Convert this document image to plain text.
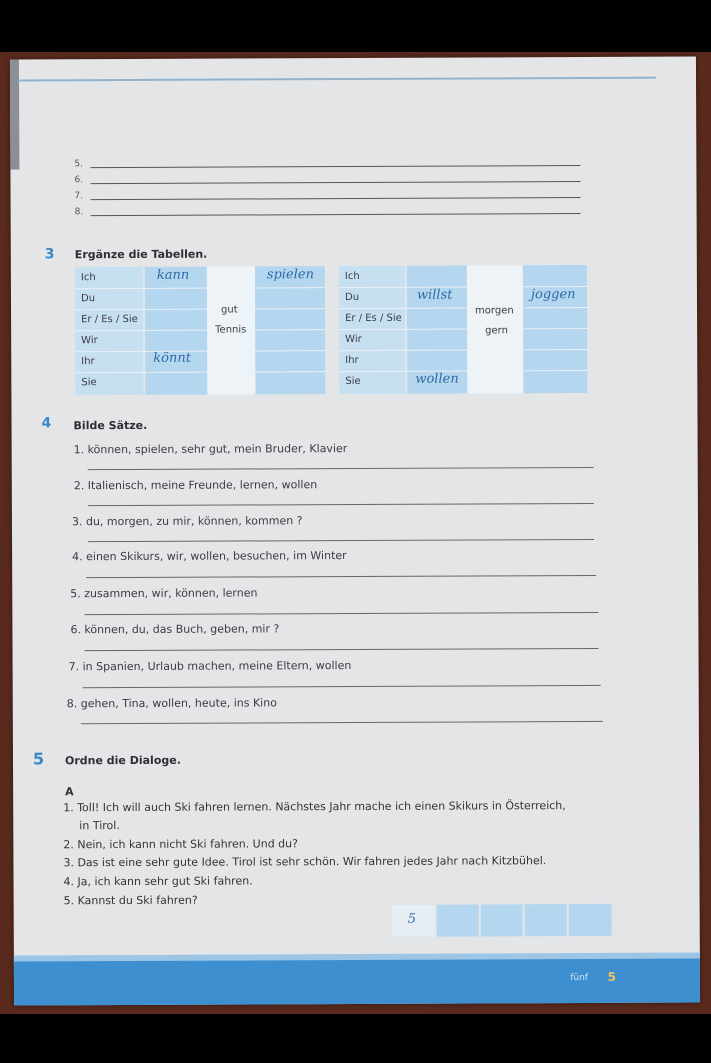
5.
6.
7.
8.
3 Ergänze die Tabellen.
Ich
Du
Er / Es / Sie
Wir
Ihr
Sie
kann
könnt
gut
Tennis
spielen	Ich
Du
Er / Es / Sie
Wir
Ihr
Sie
willst
wollen
morgen
gern
joggen
4 Bilde Sätze.
1. können, spielen, sehr gut, mein Bruder, Klavier
2. Italienisch, meine Freunde, lernen, wollen
3. du, morgen, zu mir, können, kommen ?
4. einen Skikurs, wir, wollen, besuchen, im Winter
5. zusammen, wir, können, lernen
6. können, du, das Buch, geben, mir ?
7. in Spanien, Urlaub machen, meine Eltern, wollen
8. gehen, Tina, wollen, heute, ins Kino
5 Ordne die Dialoge.
A
1. Toll! Ich will auch Ski fahren lernen. Nächstes Jahr mache ich einen Skikurs in Österreich,
in Tirol.
2. Nein, ich kann nicht Ski fahren. Und du?
3. Das ist eine sehr gute Idee. Tirol ist sehr schön. Wir fahren jedes Jahr nach Kitzbühel.
4. Ja, ich kann sehr gut Ski fahren.
5. Kannst du Ski fahren?
5
fünf 5
